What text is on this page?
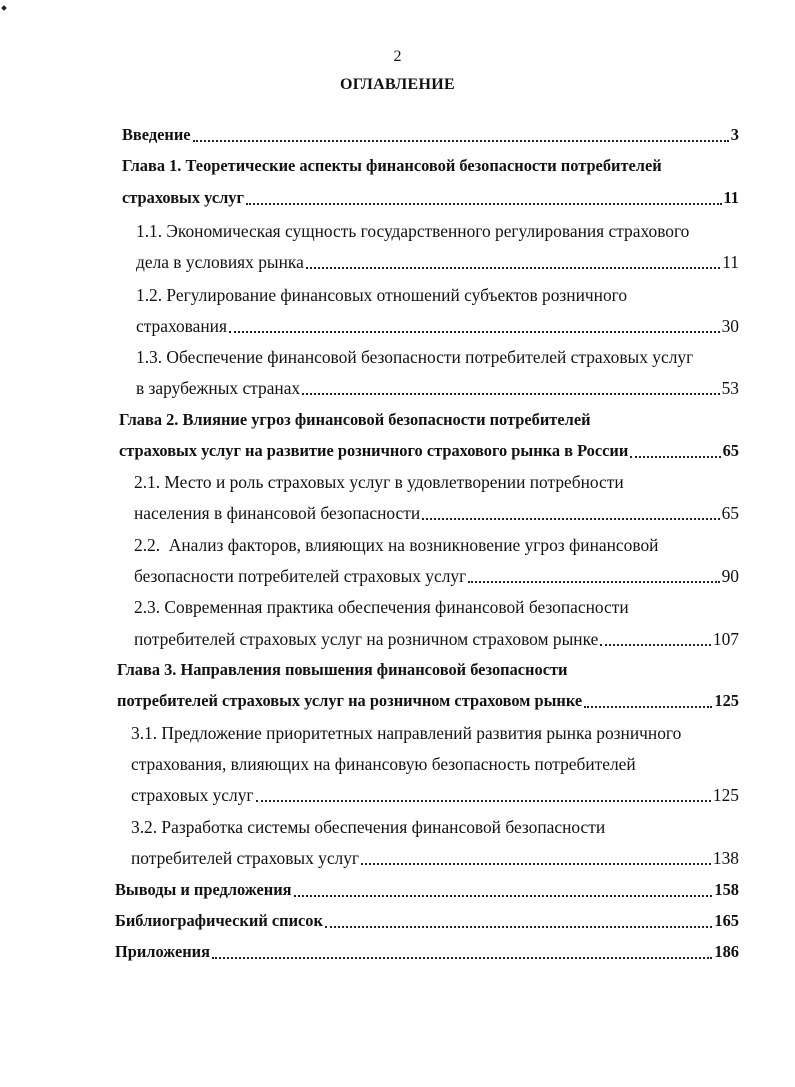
2
ОГЛАВЛЕНИЕ
Введение	3
Глава 1. Теоретические аспекты финансовой безопасности потребителей
страховых услуг	11
1.1. Экономическая сущность государственного регулирования страхового
дела в условиях рынка	11
1.2. Регулирование финансовых отношений субъектов розничного
страхования	30
1.3. Обеспечение финансовой безопасности потребителей страховых услуг
в зарубежных странах	53
Глава 2. Влияние угроз финансовой безопасности потребителей
страховых услуг на развитие розничного страхового рынка в России	65
2.1. Место и роль страховых услуг в удовлетворении потребности
населения в финансовой безопасности	65
2.2.  Анализ факторов, влияющих на возникновение угроз финансовой
безопасности потребителей страховых услуг	90
2.3. Современная практика обеспечения финансовой безопасности
потребителей страховых услуг на розничном страховом рынке	107
Глава 3. Направления повышения финансовой безопасности
потребителей страховых услуг на розничном страховом рынке	125
3.1. Предложение приоритетных направлений развития рынка розничного
страхования, влияющих на финансовую безопасность потребителей
страховых услуг	125
3.2. Разработка системы обеспечения финансовой безопасности
потребителей страховых услуг	138
Выводы и предложения	158
Библиографический список	165
Приложения	186
